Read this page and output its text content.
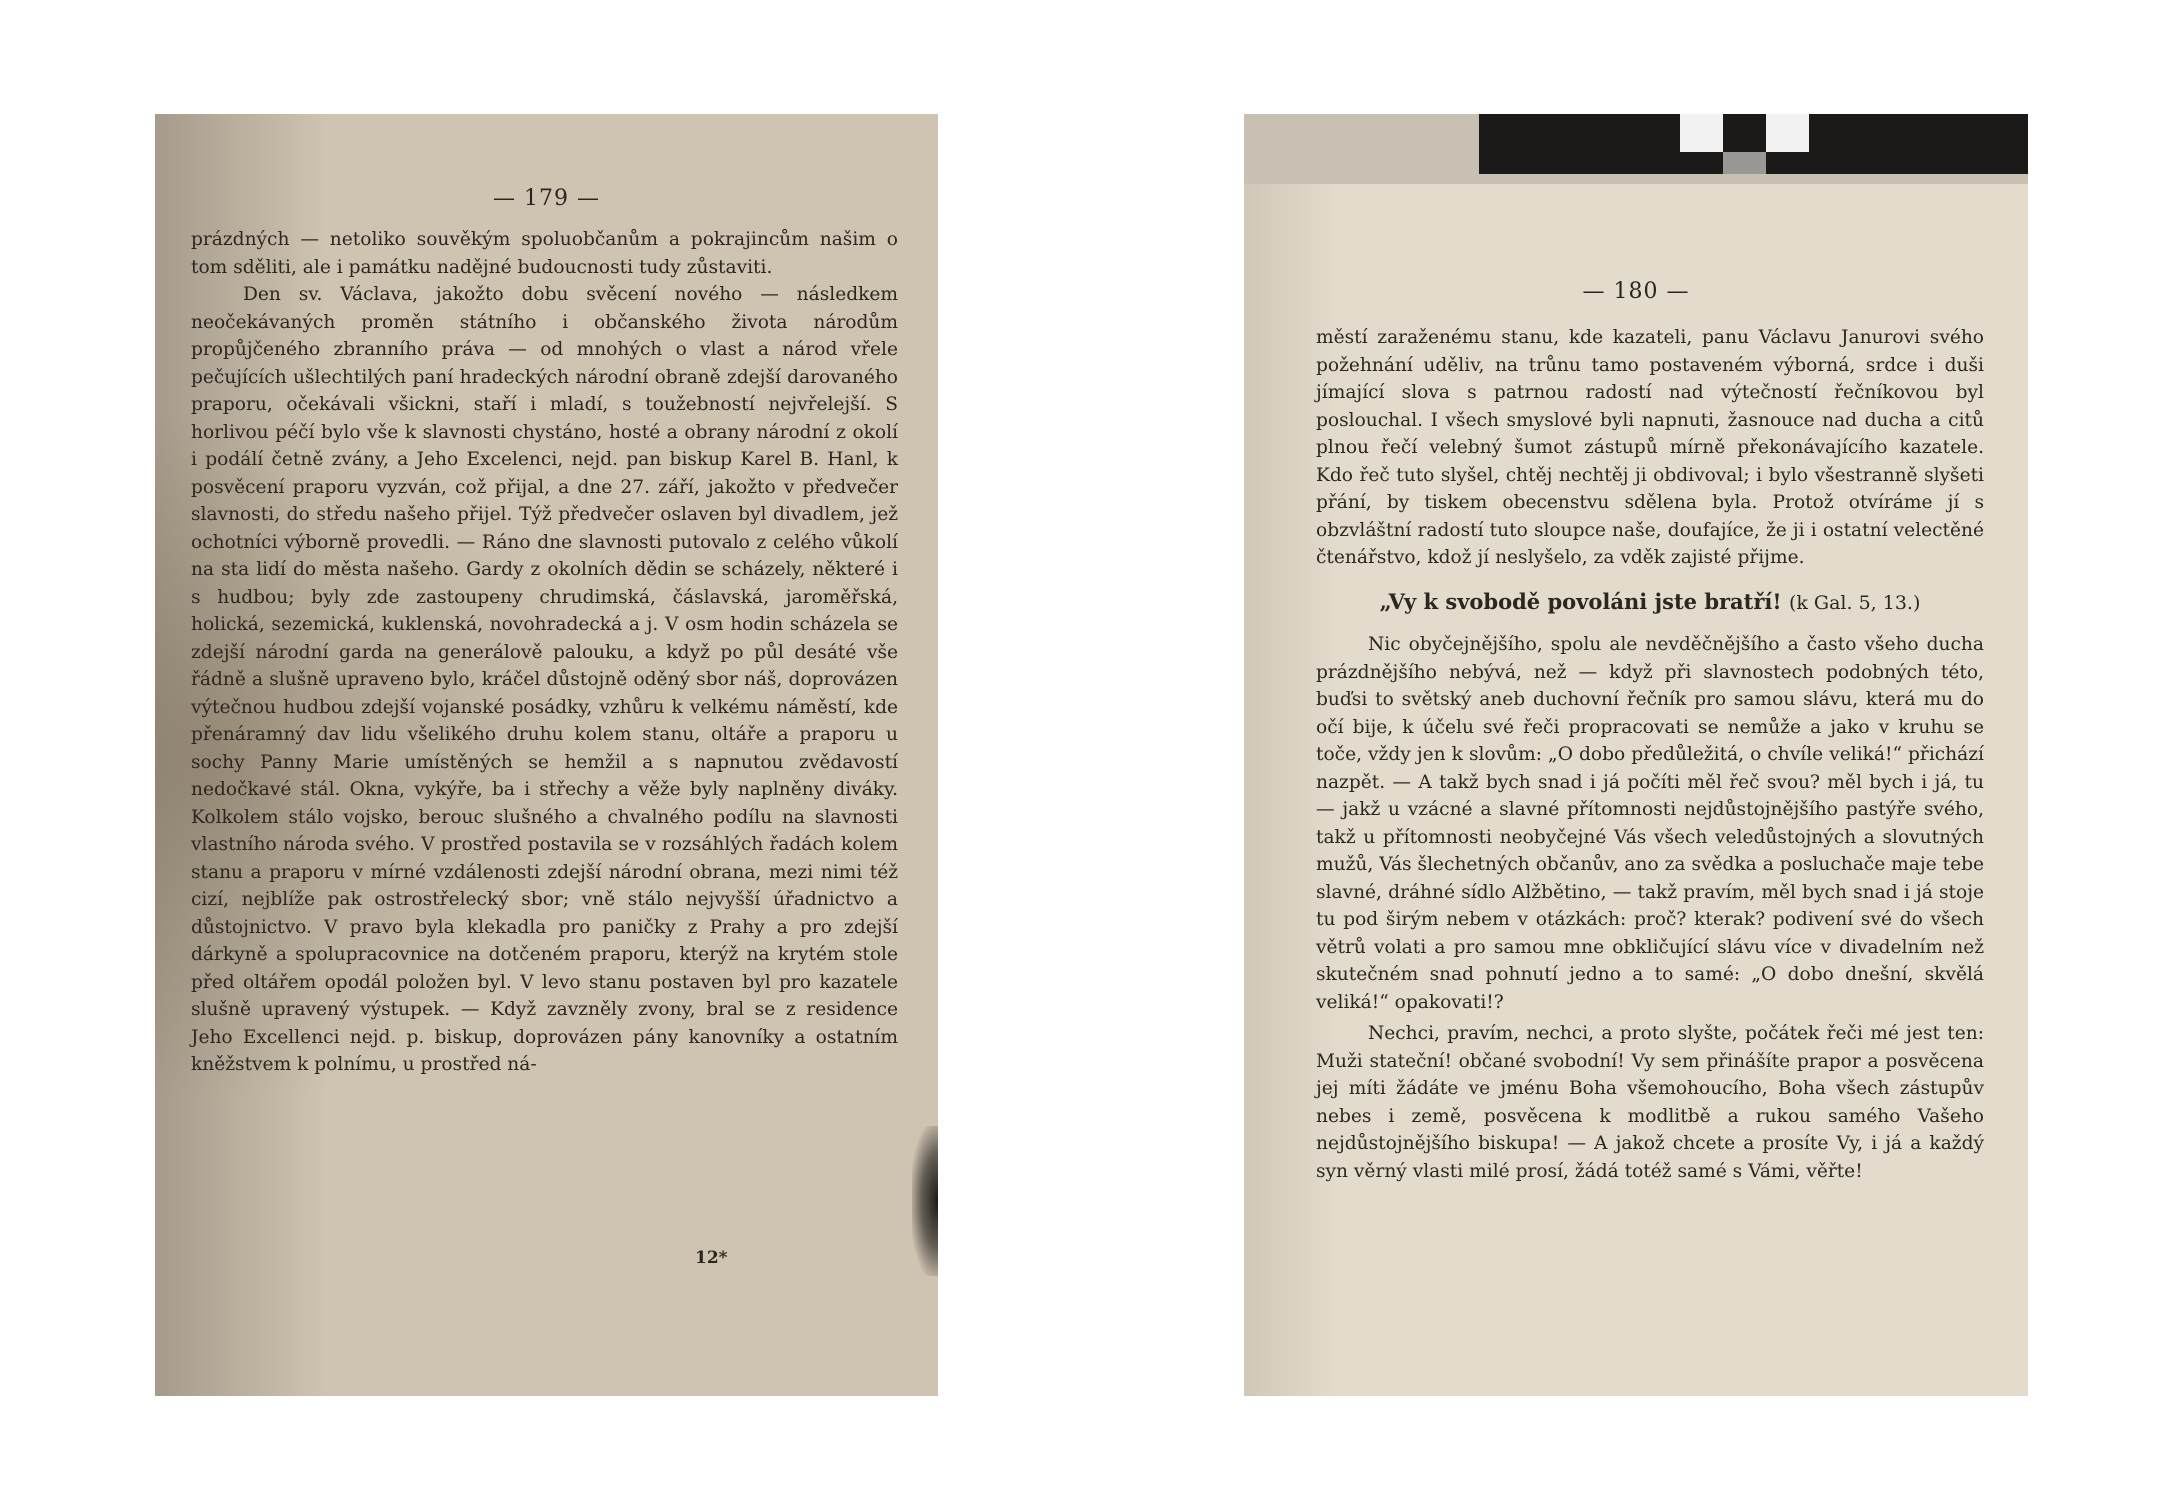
— 179 —

prázdných — netoliko souvěkým spoluobčanům a pokrajincům našim o tom sděliti, ale i památku nadějné budoucnosti tudy zůstaviti.

Den sv. Václava, jakožto dobu svěcení nového — následkem neočekávaných proměn státního i občanského života národům propůjčeného zbranního práva — od mnohých o vlast a národ vřele pečujících ušlechtilých paní hradeckých národní obraně zdejší darovaného praporu, očekávali všickni, staří i mladí, s toužebností nejvřelejší. S horlivou péčí bylo vše k slavnosti chystáno, hosté a obrany národní z okolí i podálí četně zvány, a Jeho Excelenci, nejd. pan biskup Karel B. Hanl, k posvěcení praporu vyzván, což přijal, a dne 27. září, jakožto v předvečer slavnosti, do středu našeho přijel. Týž předvečer oslaven byl divadlem, jež ochotníci výborně provedli. — Ráno dne slavnosti putovalo z celého vůkolí na sta lidí do města našeho. Gardy z okolních dědin se scházely, některé i s hudbou; byly zde zastoupeny chrudimská, čáslavská, jaroměřská, holická, sezemická, kuklenská, novohradecká a j. V osm hodin scházela se zdejší národní garda na generálově palouku, a když po půl desáté vše řádně a slušně upraveno bylo, kráčel důstojně oděný sbor náš, doprovázen výtečnou hudbou zdejší vojanské posádky, vzhůru k velkému náměstí, kde přenáramný dav lidu všelikého druhu kolem stanu, oltáře a praporu u sochy Panny Marie umístěných se hemžil a s napnutou zvědavostí nedočkavé stál. Okna, vykýře, ba i střechy a věže byly naplněny diváky. Kolkolem stálo vojsko, berouc slušného a chvalného podílu na slavnosti vlastního národa svého. V prostřed postavila se v rozsáhlých řadách kolem stanu a praporu v mírné vzdálenosti zdejší národní obrana, mezi nimi též cizí, nejblíže pak ostrostřelecký sbor; vně stálo nejvyšší úřadnictvo a důstojnictvo. V pravo byla klekadla pro paničky z Prahy a pro zdejší dárkyně a spolupracovnice na dotčeném praporu, kterýž na krytém stole před oltářem opodál položen byl. V levo stanu postaven byl pro kazatele slušně upravený výstupek. — Když zavzněly zvony, bral se z residence Jeho Excellenci nejd. p. biskup, doprovázen pány kanovníky a ostatním kněžstvem k polnímu, u prostřed ná-

12*
— 180 —

městí zaraženému stanu, kde kazateli, panu Václavu Janurovi svého požehnání uděliv, na trůnu tamo postaveném výborná, srdce i duši jímající slova s patrnou radostí nad výtečností řečníkovou byl poslouchal. I všech smyslové byli napnuti, žasnouce nad ducha a citů plnou řečí velebný šumot zástupů mírně překonávajícího kazatele. Kdo řeč tuto slyšel, chtěj nechtěj ji obdivoval; i bylo všestranně slyšeti přání, by tiskem obecenstvu sdělena byla. Protož otvíráme jí s obzvláštní radostí tuto sloupce naše, doufajíce, že ji i ostatní velectěné čtenářstvo, kdož jí neslyšelo, za vděk zajisté přijme.

„Vy k svobodě povoláni jste bratří! (k Gal. 5, 13.)

Nic obyčejnějšího, spolu ale nevděčnějšího a často všeho ducha prázdnějšího nebývá, než — když při slavnostech podobných této, buďsi to světský aneb duchovní řečník pro samou slávu, která mu do očí bije, k účelu své řeči propracovati se nemůže a jako v kruhu se toče, vždy jen k slovům: „O dobo předůležitá, o chvíle veliká!“ přichází nazpět. — A takž bych snad i já počíti měl řeč svou? měl bych i já, tu — jakž u vzácné a slavné přítomnosti nejdůstojnějšího pastýře svého, takž u přítomnosti neobyčejné Vás všech veledůstojných a slovutných mužů, Vás šlechetných občanův, ano za svědka a posluchače maje tebe slavné, dráhné sídlo Alžbětino, — takž pravím, měl bych snad i já stoje tu pod širým nebem v otázkách: proč? kterak? podivení své do všech větrů volati a pro samou mne obkličující slávu více v divadelním než skutečném snad pohnutí jedno a to samé: „O dobo dnešní, skvělá veliká!“ opakovati!?

Nechci, pravím, nechci, a proto slyšte, počátek řeči mé jest ten: Muži stateční! občané svobodní! Vy sem přinášíte prapor a posvěcena jej míti žádáte ve jménu Boha všemohoucího, Boha všech zástupův nebes i země, posvěcena k modlitbě a rukou samého Vašeho nejdůstojnějšího biskupa! — A jakož chcete a prosíte Vy, i já a každý syn věrný vlasti milé prosí, žádá totéž samé s Vámi, věřte!
